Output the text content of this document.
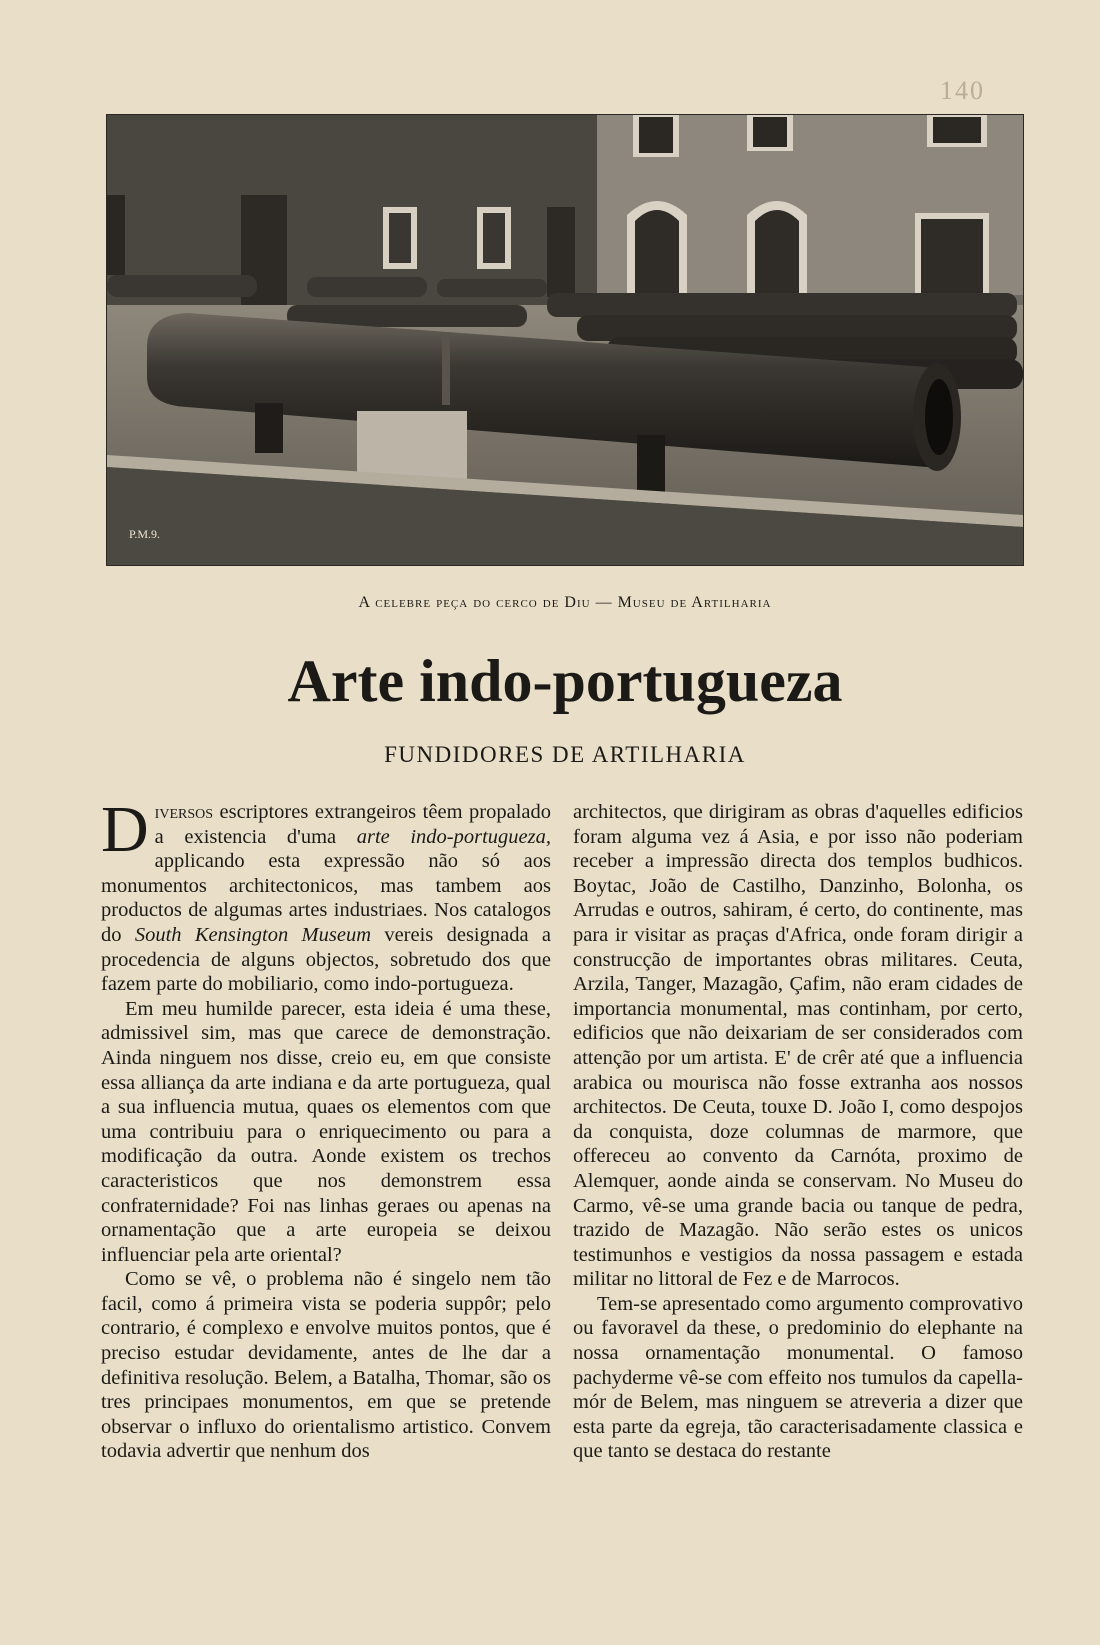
140
P.M.9.
A celebre peça do cerco de Diu — Museu de Artilharia
Arte indo-portugueza
FUNDIDORES DE ARTILHARIA

Diversos escriptores extrangeiros têem propalado a existencia d'uma arte indo-portugueza, applicando esta expressão não só aos monumentos architectonicos, mas tambem aos productos de algumas artes industriaes. Nos catalogos do South Kensington Museum vereis designada a procedencia de alguns objectos, sobretudo dos que fazem parte do mobiliario, como indo-portugueza.

Em meu humilde parecer, esta ideia é uma these, admissivel sim, mas que carece de demonstração. Ainda ninguem nos disse, creio eu, em que consiste essa alliança da arte indiana e da arte portugueza, qual a sua influencia mutua, quaes os elementos com que uma contribuiu para o enriquecimento ou para a modificação da outra. Aonde existem os trechos caracteristicos que nos demonstrem essa confraternidade? Foi nas linhas geraes ou apenas na ornamentação que a arte europeia se deixou influenciar pela arte oriental?

Como se vê, o problema não é singelo nem tão facil, como á primeira vista se poderia suppôr; pelo contrario, é complexo e envolve muitos pontos, que é preciso estudar devidamente, antes de lhe dar a definitiva resolução. Belem, a Batalha, Thomar, são os tres principaes monumentos, em que se pretende observar o influxo do orientalismo artistico. Convem todavia advertir que nenhum dos

architectos, que dirigiram as obras d'aquelles edificios foram alguma vez á Asia, e por isso não poderiam receber a impressão directa dos templos budhicos. Boytac, João de Castilho, Danzinho, Bolonha, os Arrudas e outros, sahiram, é certo, do continente, mas para ir visitar as praças d'Africa, onde foram dirigir a construcção de importantes obras militares. Ceuta, Arzila, Tanger, Mazagão, Çafim, não eram cidades de importancia monumental, mas continham, por certo, edificios que não deixariam de ser considerados com attenção por um artista. E' de crêr até que a influencia arabica ou mourisca não fosse extranha aos nossos architectos. De Ceuta, touxe D. João I, como despojos da conquista, doze columnas de marmore, que offereceu ao convento da Carnóta, proximo de Alemquer, aonde ainda se conservam. No Museu do Carmo, vê-se uma grande bacia ou tanque de pedra, trazido de Mazagão. Não serão estes os unicos testimunhos e vestigios da nossa passagem e estada militar no littoral de Fez e de Marrocos.

Tem-se apresentado como argumento comprovativo ou favoravel da these, o predominio do elephante na nossa ornamentação monumental. O famoso pachyderme vê-se com effeito nos tumulos da capella-mór de Belem, mas ninguem se atreveria a dizer que esta parte da egreja, tão caracterisadamente classica e que tanto se destaca do restante
